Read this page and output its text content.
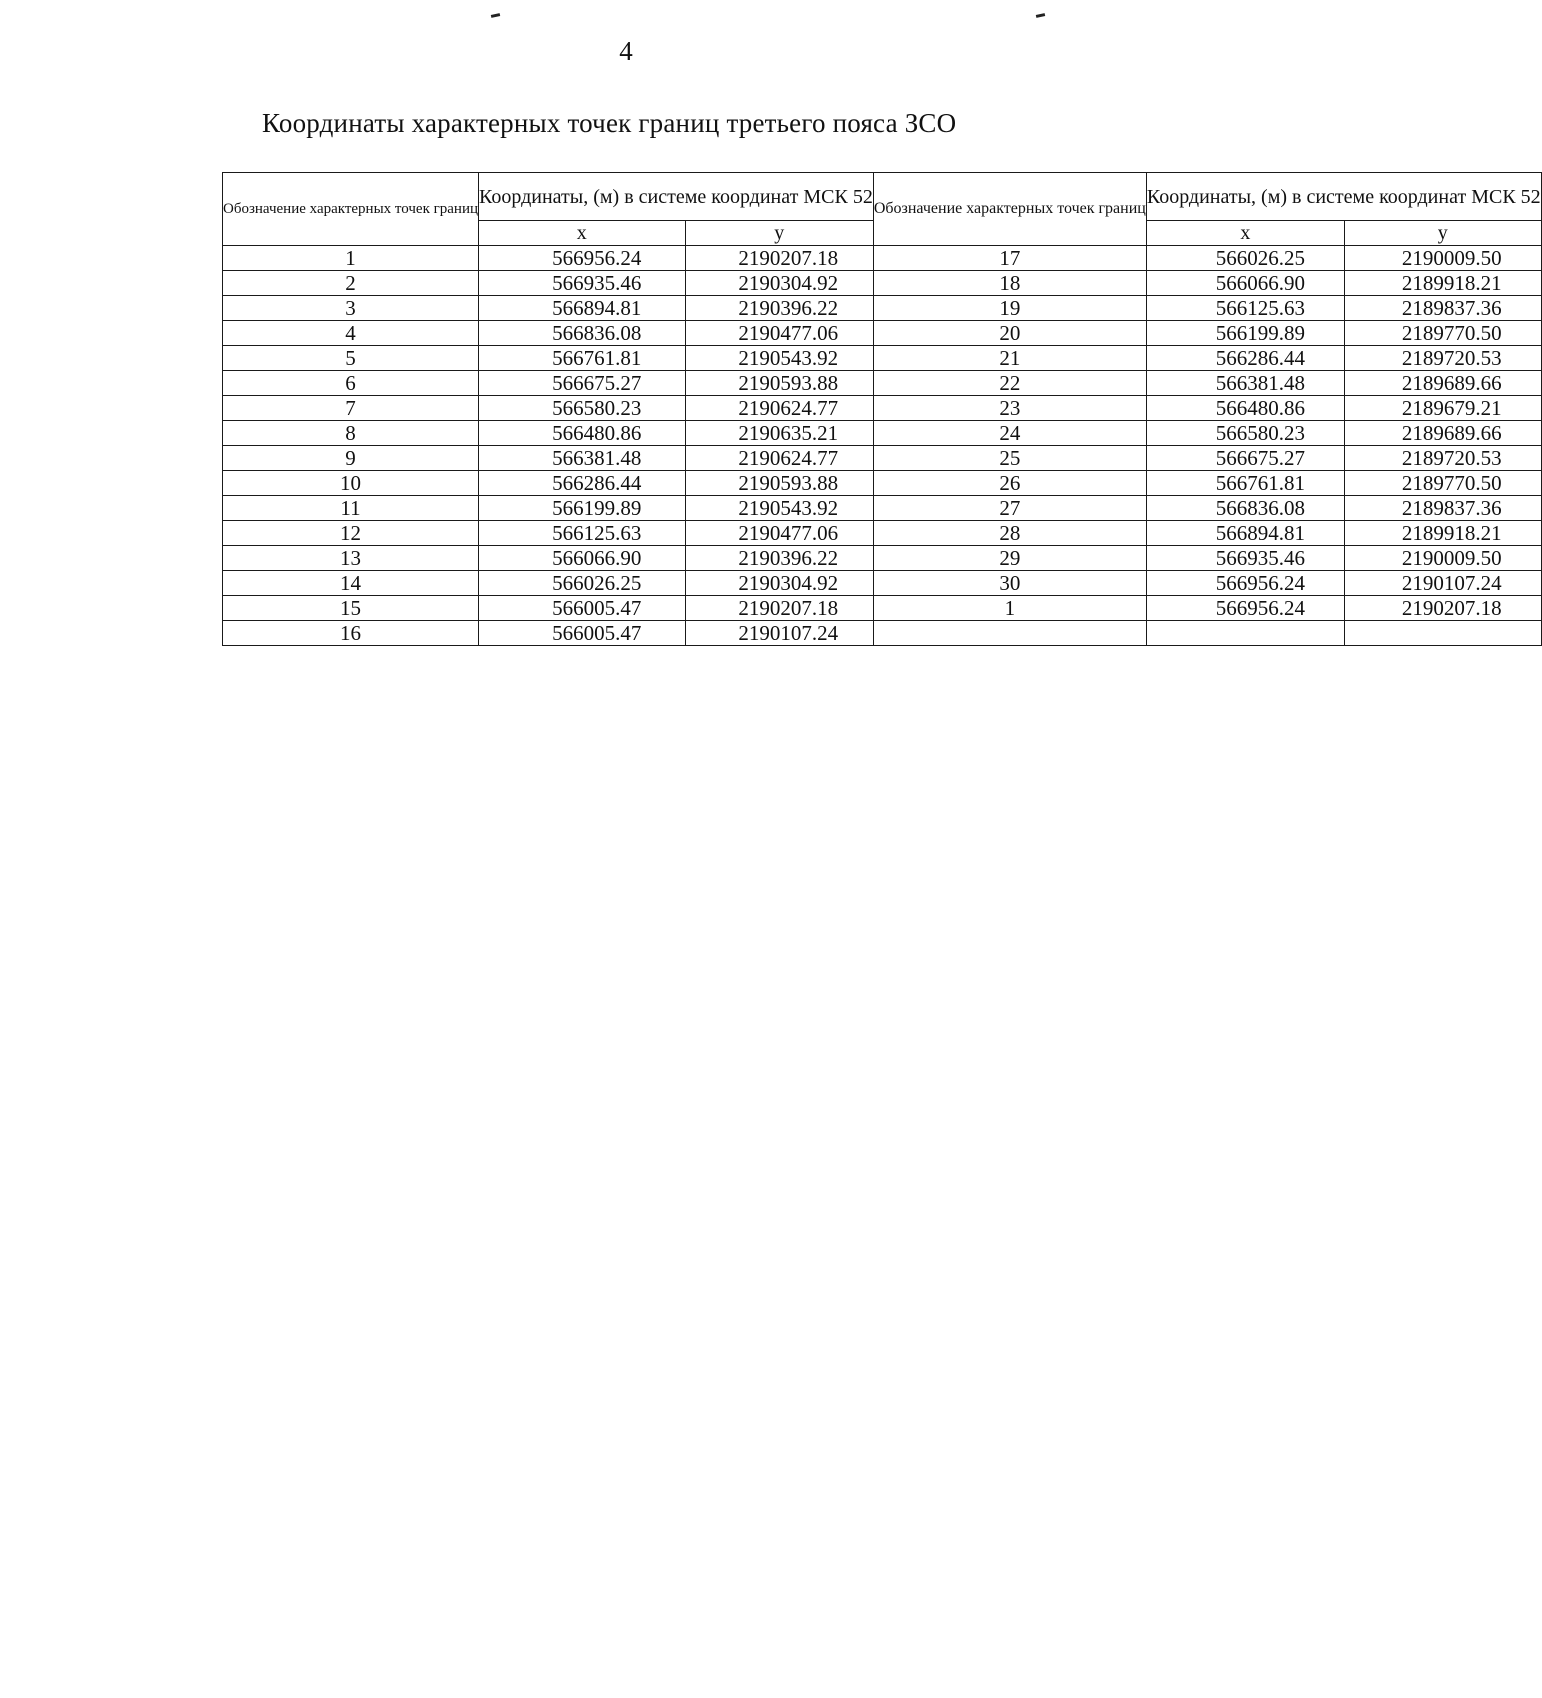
4
Координаты характерных точек границ третьего пояса ЗСО
Обозначение характерных точек границ	Координаты, (м) в системе координат МСК 52		Обозначение характерных точек границ	Координаты, (м) в системе координат МСК 52	
	x	y		x	y
1	566956.24	2190207.18	17	566026.25	2190009.50
2	566935.46	2190304.92	18	566066.90	2189918.21
3	566894.81	2190396.22	19	566125.63	2189837.36
4	566836.08	2190477.06	20	566199.89	2189770.50
5	566761.81	2190543.92	21	566286.44	2189720.53
6	566675.27	2190593.88	22	566381.48	2189689.66
7	566580.23	2190624.77	23	566480.86	2189679.21
8	566480.86	2190635.21	24	566580.23	2189689.66
9	566381.48	2190624.77	25	566675.27	2189720.53
10	566286.44	2190593.88	26	566761.81	2189770.50
11	566199.89	2190543.92	27	566836.08	2189837.36
12	566125.63	2190477.06	28	566894.81	2189918.21
13	566066.90	2190396.22	29	566935.46	2190009.50
14	566026.25	2190304.92	30	566956.24	2190107.24
15	566005.47	2190207.18	1	566956.24	2190207.18
16	566005.47	2190107.24			
